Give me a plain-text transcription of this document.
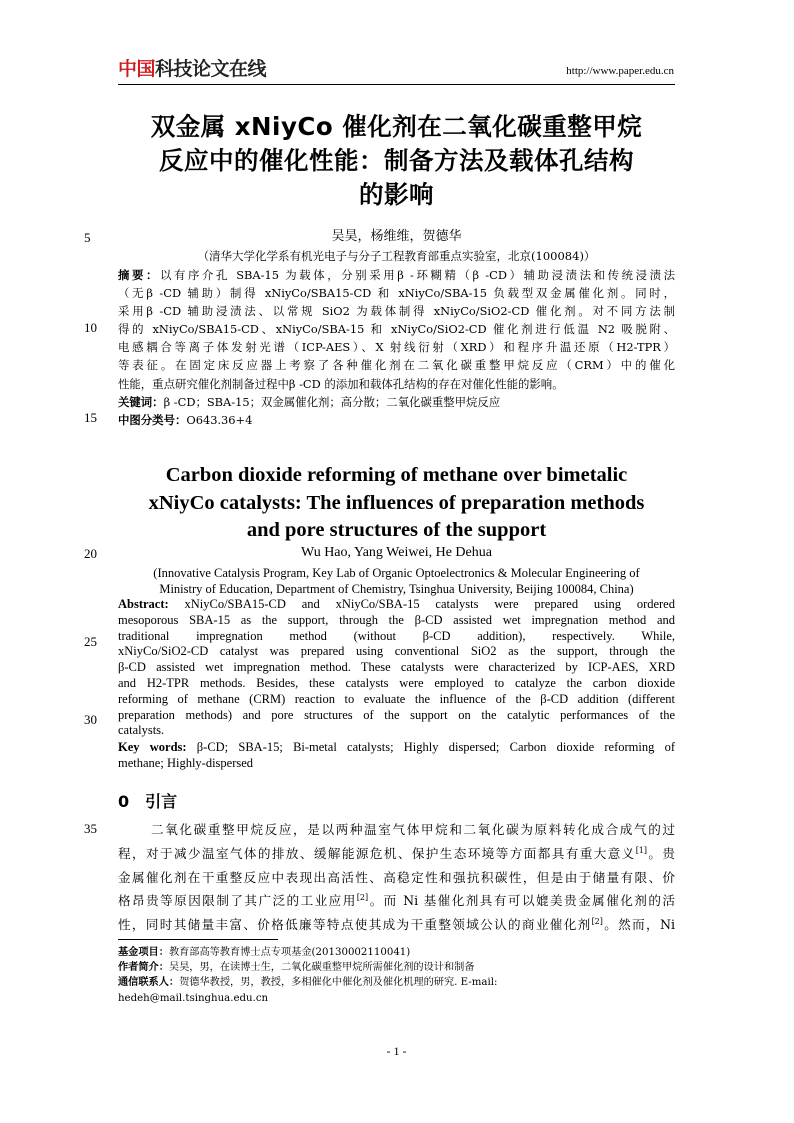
中国科技论文在线	http://www.paper.edu.cn
双金属 xNiyCo 催化剂在二氧化碳重整甲烷
反应中的催化性能：制备方法及载体孔结构
的影响
5
10
15
20
25
30
35
吴昊，杨维维，贺德华
（清华大学化学系有机光电子与分子工程教育部重点实验室，北京(100084)）
摘要：以有序介孔 SBA-15 为载体，分别采用β -环糊精（β -CD）辅助浸渍法和传统浸渍法
（无β -CD 辅助）制得 xNiyCo/SBA15-CD 和 xNiyCo/SBA-15 负载型双金属催化剂。同时，
采用β -CD 辅助浸渍法、以常规 SiO2 为载体制得 xNiyCo/SiO2-CD 催化剂。对不同方法制
得的 xNiyCo/SBA15-CD、xNiyCo/SBA-15 和 xNiyCo/SiO2-CD 催化剂进行低温 N2 吸脱附、
电感耦合等离子体发射光谱（ICP-AES）、X 射线衍射（XRD）和程序升温还原（H2-TPR）
等表征。在固定床反应器上考察了各种催化剂在二氧化碳重整甲烷反应（CRM）中的催化
性能，重点研究催化剂制备过程中β -CD 的添加和载体孔结构的存在对催化性能的影响。
关键词：β -CD；SBA-15；双金属催化剂；高分散；二氧化碳重整甲烷反应
中图分类号：O643.36+4
Carbon dioxide reforming of methane over bimetalic
xNiyCo catalysts: The influences of preparation methods
and pore structures of the support
Wu Hao, Yang Weiwei, He Dehua
(Innovative Catalysis Program, Key Lab of Organic Optoelectronics & Molecular Engineering of
Ministry of Education, Department of Chemistry, Tsinghua University, Beijing 100084, China)
Abstract: xNiyCo/SBA15-CD and xNiyCo/SBA-15 catalysts were prepared using ordered
mesoporous SBA-15 as the support, through the β-CD assisted wet impregnation method and
traditional impregnation method (without β-CD addition), respectively. While,
xNiyCo/SiO2-CD catalyst was prepared using conventional SiO2 as the support, through the
β-CD assisted wet impregnation method. These catalysts were characterized by ICP-AES, XRD
and H2-TPR methods. Besides, these catalysts were employed to catalyze the carbon dioxide
reforming of methane (CRM) reaction to evaluate the influence of the β-CD addition (different
preparation methods) and pore structures of the support on the catalytic performances of the
catalysts.
Key words: β-CD; SBA-15; Bi-metal catalysts; Highly dispersed; Carbon dioxide reforming of
methane; Highly-dispersed
0 引言
二氧化碳重整甲烷反应，是以两种温室气体甲烷和二氧化碳为原料转化成合成气的过
程，对于减少温室气体的排放、缓解能源危机、保护生态环境等方面都具有重大意义[1]。贵
金属催化剂在干重整反应中表现出高活性、高稳定性和强抗积碳性，但是由于储量有限、价
格昂贵等原因限制了其广泛的工业应用[2]。而 Ni 基催化剂具有可以媲美贵金属催化剂的活
性，同时其储量丰富、价格低廉等特点使其成为干重整领域公认的商业催化剂[2]。然而，Ni
基金项目：教育部高等教育博士点专项基金(20130002110041)
作者简介：吴昊，男，在读博士生，二氧化碳重整甲烷所需催化剂的设计和制备
通信联系人：贺德华教授，男，教授，多相催化中催化剂及催化机理的研究. E-mail:
hedeh@mail.tsinghua.edu.cn
- 1 -
